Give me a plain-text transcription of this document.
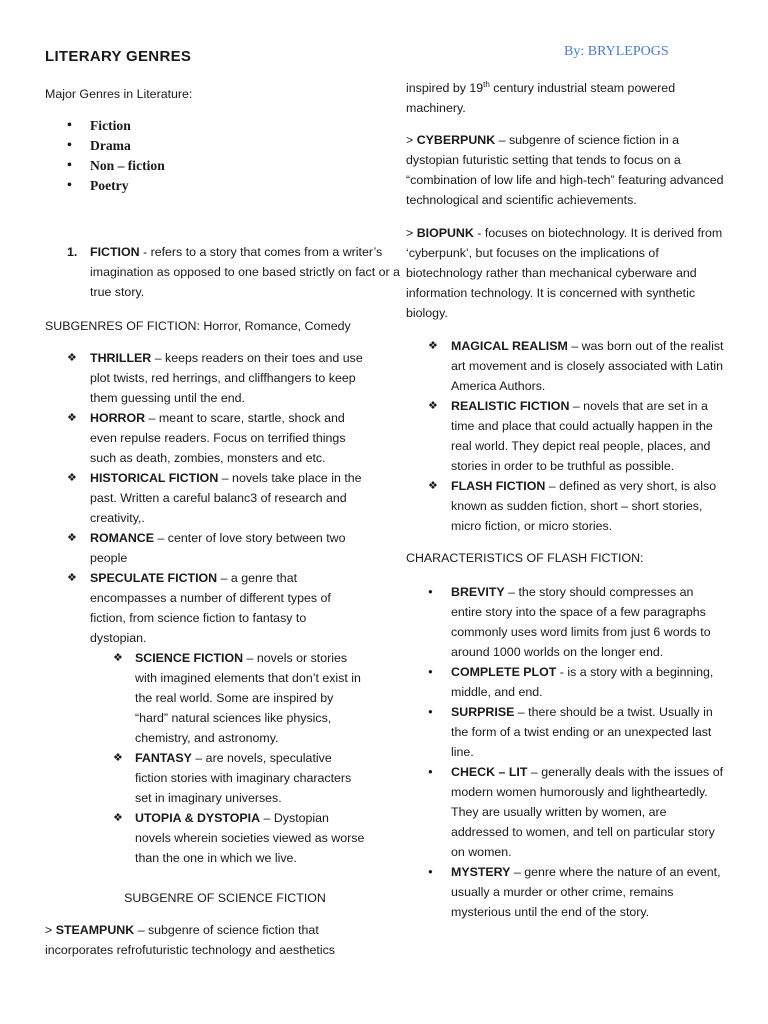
LITERARY GENRES	By: BRYLEPOGS

Major Genres in Literature:

• Fiction
• Drama
• Non – fiction
• Poetry
1. FICTION - refers to a story that comes from a writer’s imagination as opposed to one based strictly on fact or a true story.

SUBGENRES OF FICTION: Horror, Romance, Comedy

❖ THRILLER – keeps readers on their toes and use plot twists, red herrings, and cliffhangers to keep them guessing until the end.
❖ HORROR – meant to scare, startle, shock and even repulse readers. Focus on terrified things such as death, zombies, monsters and etc.
❖ HISTORICAL FICTION – novels take place in the past. Written a careful balanc3 of research and creativity,.
❖ ROMANCE – center of love story between two people
❖ SPECULATE FICTION – a genre that encompasses a number of different types of fiction, from science fiction to fantasy to dystopian.
❖ SCIENCE FICTION – novels or stories with imagined elements that don’t exist in the real world. Some are inspired by “hard” natural sciences like physics, chemistry, and astronomy.
❖ FANTASY – are novels, speculative fiction stories with imaginary characters set in imaginary universes.
❖ UTOPIA & DYSTOPIA – Dystopian novels wherein societies viewed as worse than the one in which we live.

SUBGENRE OF SCIENCE FICTION

> STEAMPUNK – subgenre of science fiction that incorporates refrofuturistic technology and aesthetics

inspired by 19th century industrial steam powered machinery.

> CYBERPUNK – subgenre of science fiction in a dystopian futuristic setting that tends to focus on a “combination of low life and high-tech” featuring advanced technological and scientific achievements.

> BIOPUNK - focuses on biotechnology. It is derived from ‘cyberpunk’, but focuses on the implications of biotechnology rather than mechanical cyberware and information technology. It is concerned with synthetic biology.

❖ MAGICAL REALISM – was born out of the realist art movement and is closely associated with Latin America Authors.
❖ REALISTIC FICTION – novels that are set in a time and place that could actually happen in the real world. They depict real people, places, and stories in order to be truthful as possible.
❖ FLASH FICTION – defined as very short, is also known as sudden fiction, short – short stories, micro fiction, or micro stories.

CHARACTERISTICS OF FLASH FICTION:

● BREVITY – the story should compresses an entire story into the space of a few paragraphs commonly uses word limits from just 6 words to around 1000 worlds on the longer end.
● COMPLETE PLOT - is a story with a beginning, middle, and end.
● SURPRISE – there should be a twist. Usually in the form of a twist ending or an unexpected last line.
● CHECK – LIT – generally deals with the issues of modern women humorously and lightheartedly. They are usually written by women, are addressed to women, and tell on particular story on women.
● MYSTERY – genre where the nature of an event, usually a murder or other crime, remains mysterious until the end of the story.
